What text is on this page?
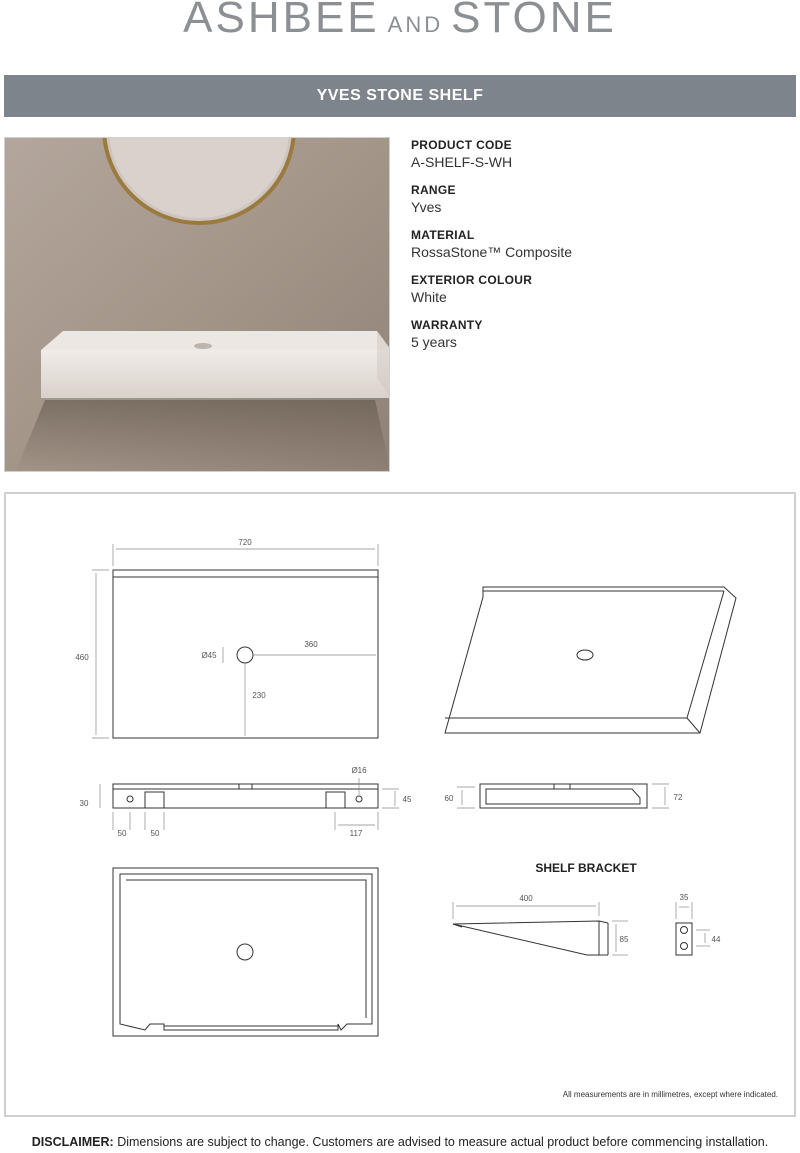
ASHBEE AND STONE
YVES STONE SHELF
PRODUCT CODE
A-SHELF-S-WH
RANGE
Yves
MATERIAL
RossaStone™ Composite
EXTERIOR COLOUR
White
WARRANTY
5 years
720
460	Ø45
360
230
30	45
Ø16
50	50	117
60	72
SHELF BRACKET
400
85
35
44
All measurements are in millimetres, except where indicated.
DISCLAIMER: Dimensions are subject to change. Customers are advised to measure actual product before commencing installation.
